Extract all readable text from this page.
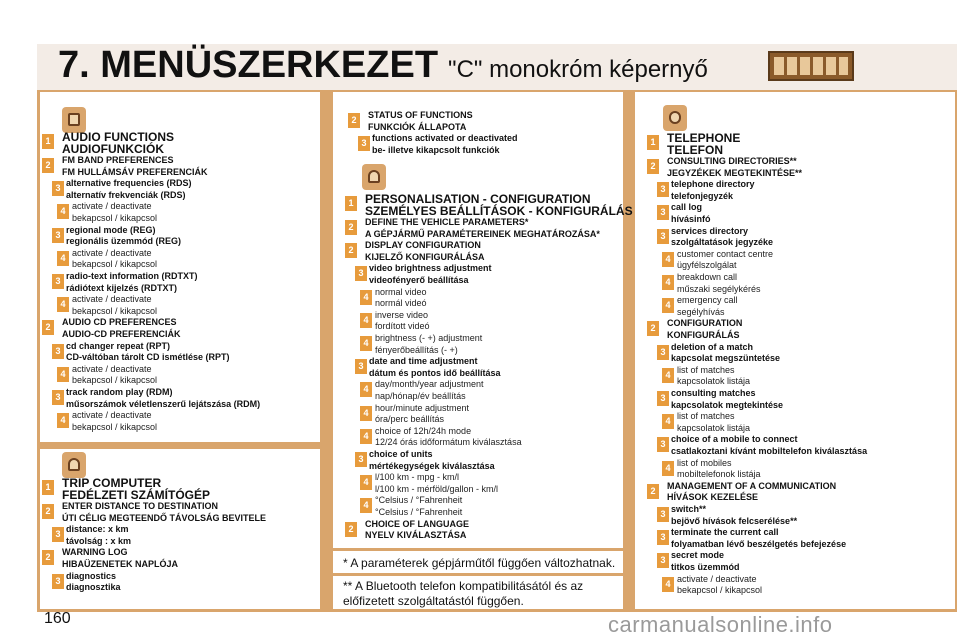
7. MENÜSZERKEZET "C" monokróm képernyő
1 AUDIO FUNCTIONS
AUDIOFUNKCIÓK
2	FM BAND PREFERENCES
FM HULLÁMSÁV PREFERENCIÁK
3 alternative frequencies (RDS)
alternatív frekvenciák (RDS)
4 activate / deactivate
bekapcsol / kikapcsol
3 regional mode (REG)
regionális üzemmód (REG)
4 activate / deactivate
bekapcsol / kikapcsol
3 radio-text information (RDTXT)
rádiótext kijelzés (RDTXT)
4 activate / deactivate
bekapcsol / kikapcsol
2	AUDIO CD PREFERENCES
AUDIO-CD PREFERENCIÁK
3 cd changer repeat (RPT)
CD-váltóban tárolt CD ismétlése (RPT)
4 activate / deactivate
bekapcsol / kikapcsol
3 track random play (RDM)
műsorszámok véletlenszerű lejátszása (RDM)
4 activate / deactivate
bekapcsol / kikapcsol
1 TRIP COMPUTER
FEDÉLZETI SZÁMÍTÓGÉP
2	ENTER DISTANCE TO DESTINATION
ÚTI CÉLIG MEGTEENDŐ TÁVOLSÁG BEVITELE
3 distance: x km
távolság : x km
2	WARNING LOG
HIBAÜZENETEK NAPLÓJA
3 diagnostics
diagnosztika
2	STATUS OF FUNCTIONS
FUNKCIÓK ÁLLAPOTA
3 functions activated or deactivated
be- illetve kikapcsolt funkciók
1 PERSONALISATION - CONFIGURATION
SZEMÉLYES BEÁLLÍTÁSOK - KONFIGURÁLÁS
2	DEFINE THE VEHICLE PARAMETERS*
A GÉPJÁRMŰ PARAMÉTEREINEK MEGHATÁROZÁSA*
2	DISPLAY CONFIGURATION
KIJELZŐ KONFIGURÁLÁSA
3 video brightness adjustment
videofényerő beállítása
4 normal video
normál videó
4 inverse video
fordított videó
4 brightness (- +) adjustment
fényerőbeállítás (- +)
3 date and time adjustment
dátum és pontos idő beállítása
4 day/month/year adjustment
nap/hónap/év beállítás
4 hour/minute adjustment
óra/perc beállítás
4 choice of 12h/24h mode
12/24 órás időformátum kiválasztása
3 choice of units
mértékegységek kiválasztása
4 l/100 km - mpg - km/l
l/100 km - mérföld/gallon - km/l
4 °Celsius / °Fahrenheit
°Celsius / °Fahrenheit
2	CHOICE OF LANGUAGE
NYELV KIVÁLASZTÁSA
1 TELEPHONE
TELEFON
2	CONSULTING DIRECTORIES**
JEGYZÉKEK MEGTEKINTÉSE**
3 telephone directory
telefonjegyzék
3 call log
hívásinfó
3 services directory
szolgáltatások jegyzéke
4 customer contact centre
ügyfélszolgálat
4 breakdown call
műszaki segélykérés
4 emergency call
segélyhívás
2	CONFIGURATION
KONFIGURÁLÁS
3 deletion of a match
kapcsolat megszüntetése
4 list of matches
kapcsolatok listája
3 consulting matches
kapcsolatok megtekintése
4 list of matches
kapcsolatok listája
3 choice of a mobile to connect
csatlakoztani kívánt mobiltelefon kiválasztása
4 list of mobiles
mobiltelefonok listája
2	MANAGEMENT OF A COMMUNICATION
HÍVÁSOK KEZELÉSE
3 switch**
bejövő hívások felcserélése**
3 terminate the current call
folyamatban lévő beszélgetés befejezése
3 secret mode
titkos üzemmód
4 activate / deactivate
bekapcsol / kikapcsol
* A paraméterek gépjárműtől függően változhatnak.
** A Bluetooth telefon kompatibilitásától és az
előfizetett szolgáltatástól függően.
160	carmanualsonline.info
